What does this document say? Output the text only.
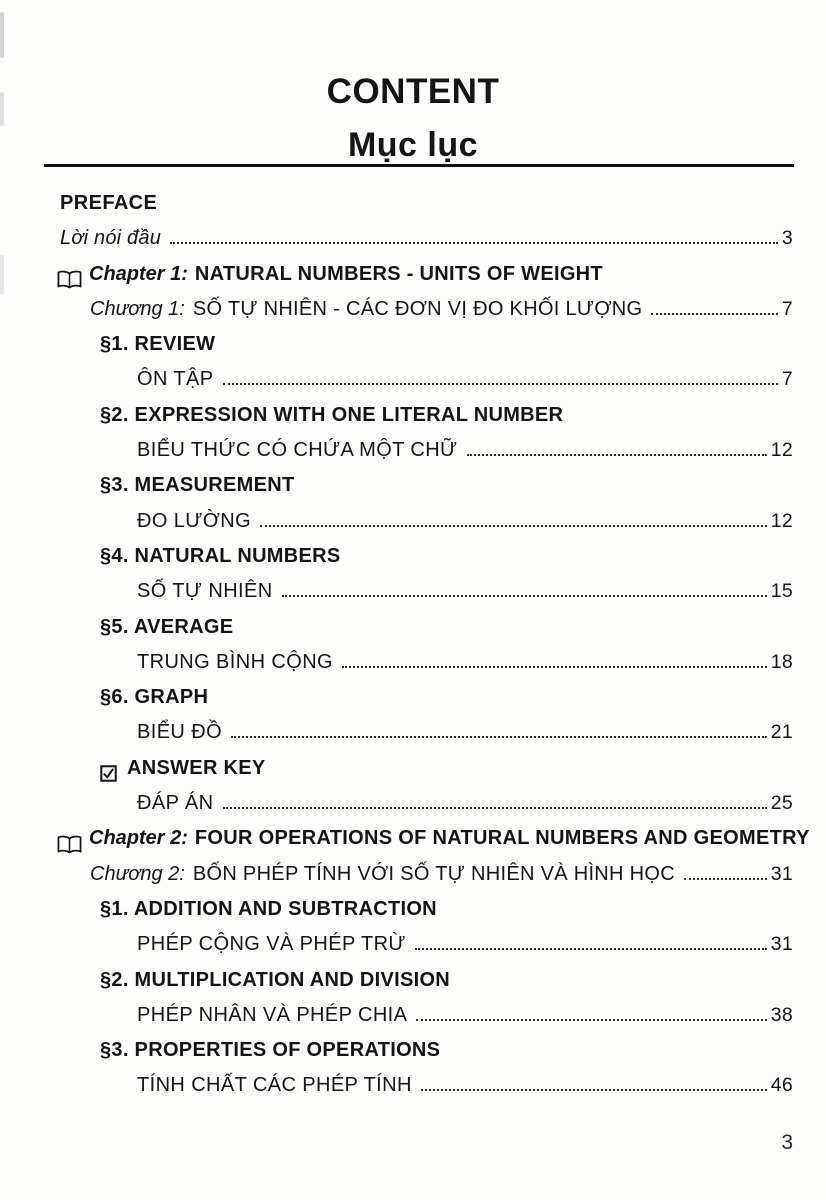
CONTENT
Mục lục
PREFACE
Lời nói đầu	3
Chapter 1: NATURAL NUMBERS - UNITS OF WEIGHT
Chương 1: SỐ TỰ NHIÊN - CÁC ĐƠN VỊ ĐO KHỐI LƯỢNG	7
§1. REVIEW
ÔN TẬP	7
§2. EXPRESSION WITH ONE LITERAL NUMBER
BIỂU THỨC CÓ CHỨA MỘT CHỮ	12
§3. MEASUREMENT
ĐO LƯỜNG	12
§4. NATURAL NUMBERS
SỐ TỰ NHIÊN	15
§5. AVERAGE
TRUNG BÌNH CỘNG	18
§6. GRAPH
BIỂU ĐỒ	21
ANSWER KEY
ĐÁP ÁN	25
Chapter 2: FOUR OPERATIONS OF NATURAL NUMBERS AND GEOMETRY
Chương 2: BỐN PHÉP TÍNH VỚI SỐ TỰ NHIÊN VÀ HÌNH HỌC	31
§1. ADDITION AND SUBTRACTION
PHÉP CỘNG VÀ PHÉP TRỪ	31
§2. MULTIPLICATION AND DIVISION
PHÉP NHÂN VÀ PHÉP CHIA	38
§3. PROPERTIES OF OPERATIONS
TÍNH CHẤT CÁC PHÉP TÍNH	46
3
